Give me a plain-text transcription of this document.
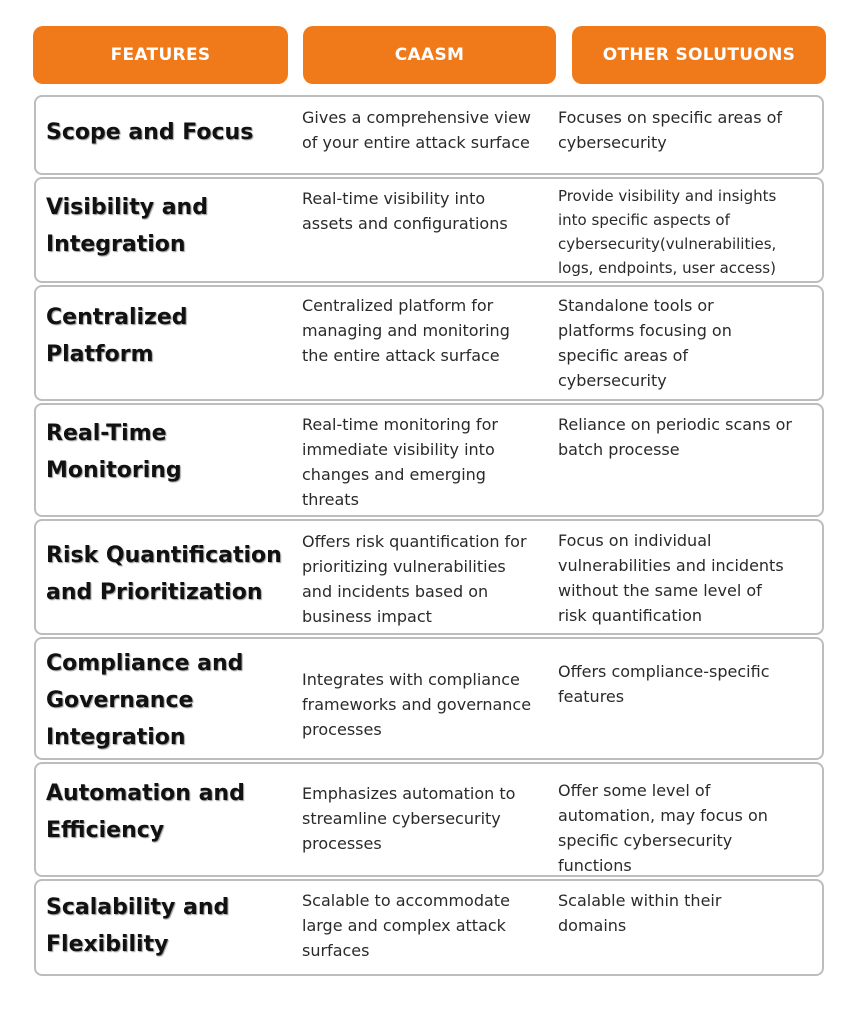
FEATURES	CAASM	OTHER SOLUTUONS
Scope and Focus
Gives a comprehensive view
of your entire attack surface
Focuses on specific areas of
cybersecurity
Visibility and
Integration
Real-time visibility into
assets and configurations
Provide visibility and insights
into specific aspects of
cybersecurity(vulnerabilities,
logs, endpoints, user access)
Centralized
Platform
Centralized platform for
managing and monitoring
the entire attack surface
Standalone tools or
platforms focusing on
specific areas of
cybersecurity
Real-Time
Monitoring
Real-time monitoring for
immediate visibility into
changes and emerging
threats
Reliance on periodic scans or
batch processe
Risk Quantification
and Prioritization
Offers risk quantification for
prioritizing vulnerabilities
and incidents based on
business impact
Focus on individual
vulnerabilities and incidents
without the same level of
risk quantification
Compliance and
Governance
Integration
Integrates with compliance
frameworks and governance
processes
Offers compliance-specific
features
Automation and
Efficiency
Emphasizes automation to
streamline cybersecurity
processes
Offer some level of
automation, may focus on
specific cybersecurity
functions
Scalability and
Flexibility
Scalable to accommodate
large and complex attack
surfaces
Scalable within their
domains
